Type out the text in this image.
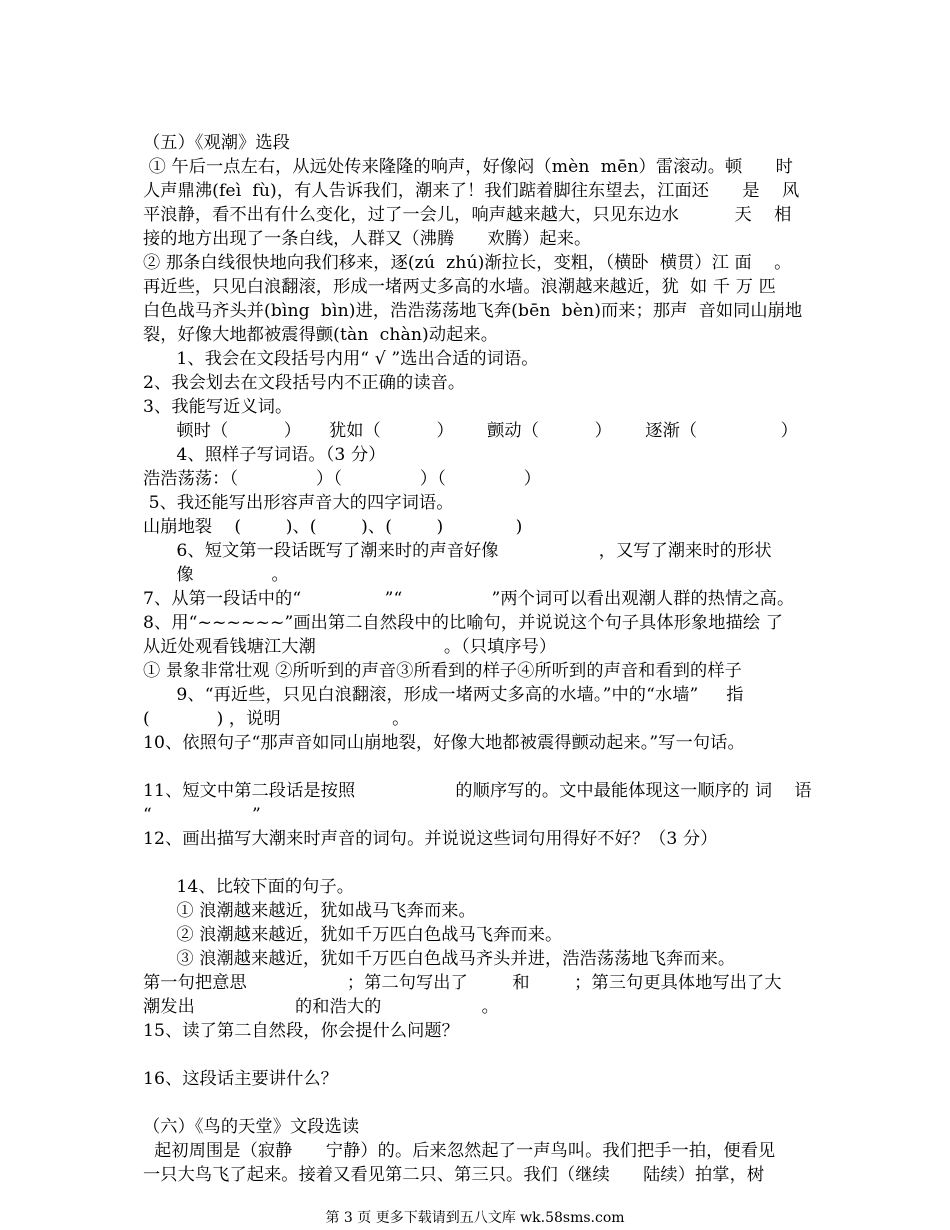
（五）《观潮》选段
① 午后一点左右，从远处传来隆隆的响声，好像闷（mèn  mēn）雷滚动。顿      时
人声鼎沸(feì  fù)，有人告诉我们，潮来了！我们踮着脚往东望去，江面还      是    风
平浪静，看不出有什么变化，过了一会儿，响声越来越大，只见东边水          天    相
接的地方出现了一条白线，人群又（沸腾      欢腾）起来。
② 那条白线很快地向我们移来，逐(zú  zhú)渐拉长，变粗，（横卧  横贯）江 面    。
再近些，只见白浪翻滚，形成一堵两丈多高的水墙。浪潮越来越近，犹  如 千 万 匹
白色战马齐头并(bìng  bìn)进，浩浩荡荡地飞奔(bēn  bèn)而来；那声  音如同山崩地
裂，好像大地都被震得颤(tàn  chàn)动起来。
1、我会在文段括号内用“ √ ”选出合适的词语。
2、我会划去在文段括号内不正确的读音。
3、我能写近义词。
顿时（          ）     犹如（          ）      颤动（          ）      逐渐（               ）
4、照样子写词语。（3 分）
浩浩荡荡：（              ）（              ）（              ）
5、我还能写出形容声音大的四字词语。
山崩地裂    (        )、(        )、(        )             )
6、短文第一段话既写了潮来时的声音好像                  ，又写了潮来时的形状
像              。
7、从第一段话中的“               ”“                ”两个词可以看出观潮人群的热情之高。
8、用“~~~~~~”画出第二自然段中的比喻句，并说说这个句子具体形象地描绘 了
从近处观看钱塘江大潮                       。（只填序号）
① 景象非常壮观 ②所听到的声音③所看到的样子④所听到的声音和看到的样子
9、“再近些，只见白浪翻滚，形成一堵两丈多高的水墙。”中的“水墙”     指
(            ) ，说明                    。
10、依照句子“那声音如同山崩地裂，好像大地都被震得颤动起来。”写一句话。
11、短文中第二段话是按照                  的顺序写的。文中最能体现这一顺序的 词    语
“                  ”
12、画出描写大潮来时声音的词句。并说说这些词句用得好不好？（3 分）
14、比较下面的句子。
① 浪潮越来越近，犹如战马飞奔而来。
② 浪潮越来越近，犹如千万匹白色战马飞奔而来。
③ 浪潮越来越近，犹如千万匹白色战马齐头并进，浩浩荡荡地飞奔而来。
第一句把意思                  ；第二句写出了        和        ；第三句更具体地写出了大
潮发出                  的和浩大的                  。
15、读了第二自然段，你会提什么问题？
16、这段话主要讲什么？
（六）《鸟的天堂》文段选读
起初周围是（寂静      宁静）的。后来忽然起了一声鸟叫。我们把手一拍，便看见
一只大鸟飞了起来。接着又看见第二只、第三只。我们（继续      陆续）拍掌，树
第 3 页 更多下载请到五八文库 wk.58sms.com
